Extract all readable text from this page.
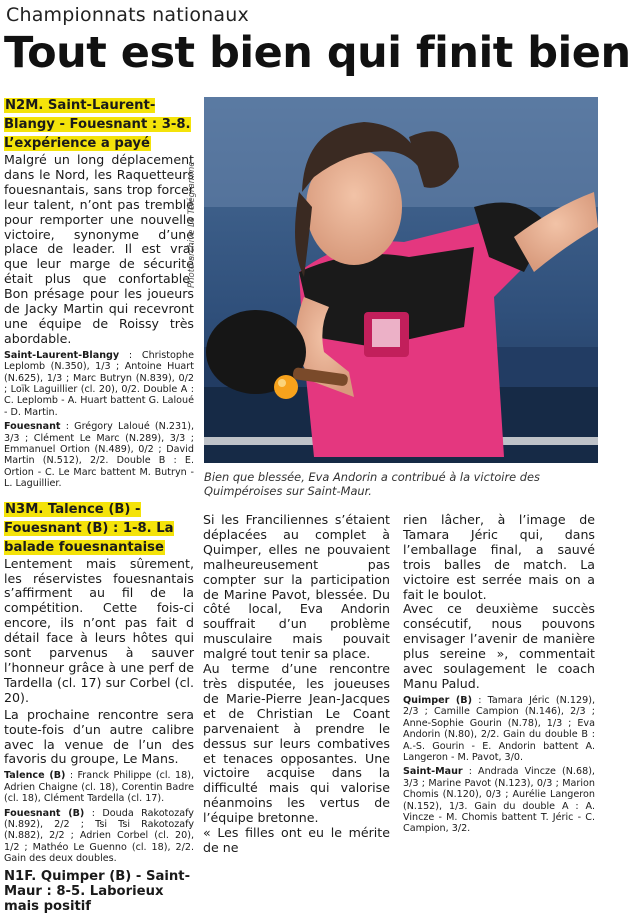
Championnats nationaux
Tout est bien qui finit bien
N2M. Saint-Laurent-Blangy - Fouesnant : 3-8. L’expérience a payé

Malgré un long déplacement dans le Nord, les Raquetteurs fouesnantais, sans trop forcer leur talent, n’ont pas tremblé pour remporter une nouvelle victoire, synonyme d’une place de leader. Il est vrai que leur marge de sécurité était plus que confortable. Bon présage pour les joueurs de Jacky Martin qui recevront une équipe de Roissy très abordable.

Saint-Laurent-Blangy : Christophe Leplomb (N.350), 1/3 ; Antoine Huart (N.625), 1/3 ; Marc Butryn (N.839), 0/2 ; Loïk Laguillier (cl. 20), 0/2. Double A : C. Leplomb - A. Huart battent G. Laloué - D. Martin.

Fouesnant : Grégory Laloué (N.231), 3/3 ; Clément Le Marc (N.289), 3/3 ; Emmanuel Ortion (N.489), 0/2 ; David Martin (N.512), 2/2. Double B : E. Ortion - C. Le Marc battent M. Butryn - L. Laguillier.

N3M. Talence (B) - Fouesnant (B) : 1-8. La balade fouesnantaise

Lentement mais sûrement, les réservistes fouesnantais s’affirment au fil de la compétition. Cette fois-ci encore, ils n’ont pas fait d détail face à leurs hôtes qui sont parvenus à sauver l’honneur grâce à une perf de Tardella (cl. 17) sur Corbel (cl. 20).

La prochaine rencontre sera toute-fois d’un autre calibre avec la venue de l’un des favoris du groupe, Le Mans.

Talence (B) : Franck Philippe (cl. 18), Adrien Chaigne (cl. 18), Corentin Badre (cl. 18), Clément Tardella (cl. 17).

Fouesnant (B) : Douda Rakotozafy (N.892), 2/2 ; Tsi Tsi Rakotozafy (N.882), 2/2 ; Adrien Corbel (cl. 20), 1/2 ; Mathéo Le Guenno (cl. 18), 2/2. Gain des deux doubles.

N1F. Quimper (B) - Saint-Maur : 8-5. Laborieux mais positif

Photo archive Le Télégramme

Bien que blessée, Eva Andorin a contribué à la victoire des Quimpéroises sur Saint-Maur.

Si les Franciliennes s’étaient déplacées au complet à Quimper, elles ne pouvaient malheureusement pas compter sur la participation de Marine Pavot, blessée. Du côté local, Eva Andorin souffrait d’un problème musculaire mais pouvait malgré tout tenir sa place.

Au terme d’une rencontre très disputée, les joueuses de Marie-Pierre Jean-Jacques et de Christian Le Coant parvenaient à prendre le dessus sur leurs combatives et tenaces opposantes. Une victoire acquise dans la difficulté mais qui valorise néanmoins les vertus de l’équipe bretonne.

« Les filles ont eu le mérite de ne

rien lâcher, à l’image de Tamara Jéric qui, dans l’emballage final, a sauvé trois balles de match. La victoire est serrée mais on a fait le boulot.

Avec ce deuxième succès consécutif, nous pouvons envisager l’avenir de manière plus sereine », commentait avec soulagement le coach Manu Palud.

Quimper (B) : Tamara Jéric (N.129), 2/3 ; Camille Campion (N.146), 2/3 ; Anne-Sophie Gourin (N.78), 1/3 ; Eva Andorin (N.80), 2/2. Gain du double B : A.-S. Gourin - E. Andorin battent A. Langeron - M. Pavot, 3/0.

Saint-Maur : Andrada Vincze (N.68), 3/3 ; Marine Pavot (N.123), 0/3 ; Marion Chomis (N.120), 0/3 ; Aurélie Langeron (N.152), 1/3. Gain du double A : A. Vincze - M. Chomis battent T. Jéric - C. Campion, 3/2.
